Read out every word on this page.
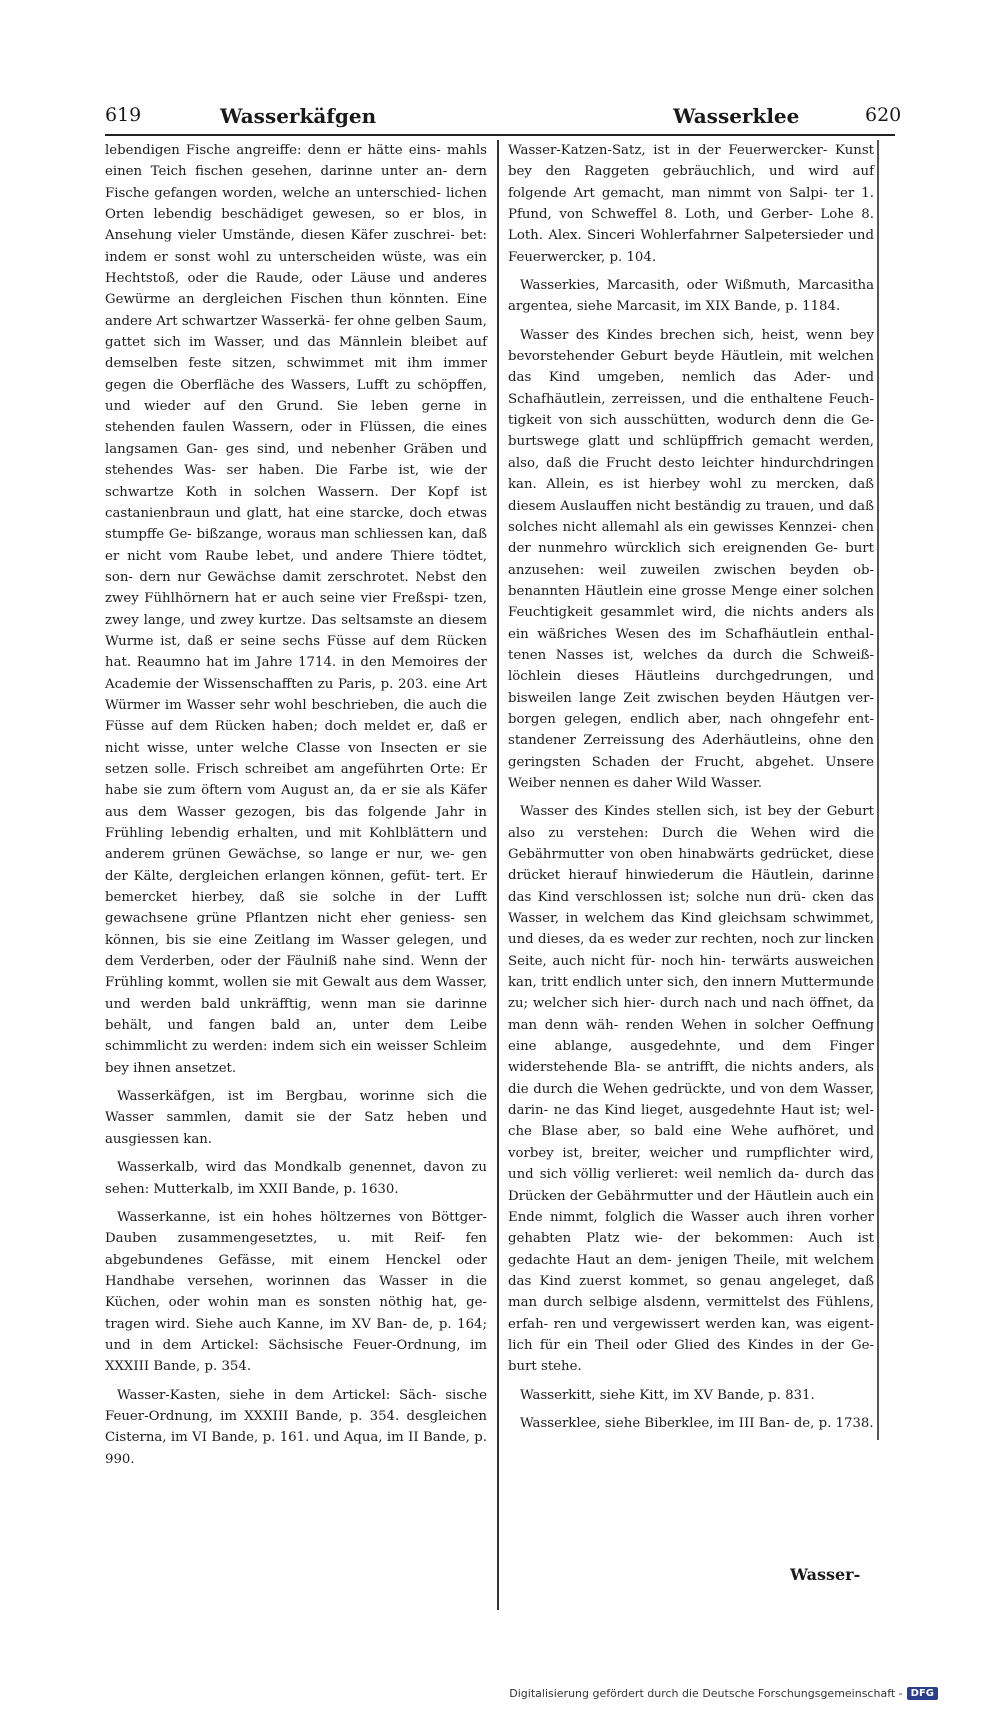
619	Wasserkäfgen	Wasserklee	620

lebendigen Fische angreiffe: denn er hätte eins- mahls einen Teich fischen gesehen, darinne unter an- dern Fische gefangen worden, welche an unterschied- lichen Orten lebendig beschädiget gewesen, so er blos, in Ansehung vieler Umstände, diesen Käfer zuschrei- bet: indem er sonst wohl zu unterscheiden wüste, was ein Hechtstoß, oder die Raude, oder Läuse und anderes Gewürme an dergleichen Fischen thun könnten. Eine andere Art schwartzer Wasserkä- fer ohne gelben Saum, gattet sich im Wasser, und das Männlein bleibet auf demselben feste sitzen, schwimmet mit ihm immer gegen die Oberfläche des Wassers, Lufft zu schöpffen, und wieder auf den Grund. Sie leben gerne in stehenden faulen Wassern, oder in Flüssen, die eines langsamen Gan- ges sind, und nebenher Gräben und stehendes Was- ser haben. Die Farbe ist, wie der schwartze Koth in solchen Wassern. Der Kopf ist castanienbraun und glatt, hat eine starcke, doch etwas stumpffe Ge- bißzange, woraus man schliessen kan, daß er nicht vom Raube lebet, und andere Thiere tödtet, son- dern nur Gewächse damit zerschrotet. Nebst den zwey Fühlhörnern hat er auch seine vier Freßspi- tzen, zwey lange, und zwey kurtze. Das seltsamste an diesem Wurme ist, daß er seine sechs Füsse auf dem Rücken hat. Reaumno hat im Jahre 1714. in den Memoires der Academie der Wissenschafften zu Paris, p. 203. eine Art Würmer im Wasser sehr wohl beschrieben, die auch die Füsse auf dem Rücken haben; doch meldet er, daß er nicht wisse, unter welche Classe von Insecten er sie setzen solle. Frisch schreibet am angeführten Orte: Er habe sie zum öftern vom August an, da er sie als Käfer aus dem Wasser gezogen, bis das folgende Jahr in Frühling lebendig erhalten, und mit Kohlblättern und anderem grünen Gewächse, so lange er nur, we- gen der Kälte, dergleichen erlangen können, gefüt- tert. Er bemercket hierbey, daß sie solche in der Lufft gewachsene grüne Pflantzen nicht eher geniess- sen können, bis sie eine Zeitlang im Wasser gelegen, und dem Verderben, oder der Fäulniß nahe sind. Wenn der Frühling kommt, wollen sie mit Gewalt aus dem Wasser, und werden bald unkräfftig, wenn man sie darinne behält, und fangen bald an, unter dem Leibe schimmlicht zu werden: indem sich ein weisser Schleim bey ihnen ansetzet.

Wasserkäfgen, ist im Bergbau, worinne sich die Wasser sammlen, damit sie der Satz heben und ausgiessen kan.

Wasserkalb, wird das Mondkalb genennet, davon zu sehen: Mutterkalb, im XXII Bande, p. 1630.

Wasserkanne, ist ein hohes höltzernes von Böttger-Dauben zusammengesetztes, u. mit Reif- fen abgebundenes Gefässe, mit einem Henckel oder Handhabe versehen, worinnen das Wasser in die Küchen, oder wohin man es sonsten nöthig hat, ge- tragen wird. Siehe auch Kanne, im XV Ban- de, p. 164; und in dem Artickel: Sächsische Feuer-Ordnung, im XXXIII Bande, p. 354.

Wasser-Kasten, siehe in dem Artickel: Säch- sische Feuer-Ordnung, im XXXIII Bande, p. 354. desgleichen Cisterna, im VI Bande, p. 161. und Aqua, im II Bande, p. 990.

Wasser-Katzen-Satz, ist in der Feuerwercker- Kunst bey den Raggeten gebräuchlich, und wird auf folgende Art gemacht, man nimmt von Salpi- ter 1. Pfund, von Schweffel 8. Loth, und Gerber- Lohe 8. Loth. Alex. Sinceri Wohlerfahrner Salpetersieder und Feuerwercker, p. 104.

Wasserkies, Marcasith, oder Wißmuth, Marcasitha argentea, siehe Marcasit, im XIX Bande, p. 1184.

Wasser des Kindes brechen sich, heist, wenn bey bevorstehender Geburt beyde Häutlein, mit welchen das Kind umgeben, nemlich das Ader- und Schafhäutlein, zerreissen, und die enthaltene Feuch- tigkeit von sich ausschütten, wodurch denn die Ge- burtswege glatt und schlüpffrich gemacht werden, also, daß die Frucht desto leichter hindurchdringen kan. Allein, es ist hierbey wohl zu mercken, daß diesem Auslauffen nicht beständig zu trauen, und daß solches nicht allemahl als ein gewisses Kennzei- chen der nunmehro würcklich sich ereignenden Ge- burt anzusehen: weil zuweilen zwischen beyden ob- benannten Häutlein eine grosse Menge einer solchen Feuchtigkeit gesammlet wird, die nichts anders als ein wäßriches Wesen des im Schafhäutlein enthal- tenen Nasses ist, welches da durch die Schweiß- löchlein dieses Häutleins durchgedrungen, und bisweilen lange Zeit zwischen beyden Häutgen ver- borgen gelegen, endlich aber, nach ohngefehr ent- standener Zerreissung des Aderhäutleins, ohne den geringsten Schaden der Frucht, abgehet. Unsere Weiber nennen es daher Wild Wasser.

Wasser des Kindes stellen sich, ist bey der Geburt also zu verstehen: Durch die Wehen wird die Gebährmutter von oben hinabwärts gedrücket, diese drücket hierauf hinwiederum die Häutlein, darinne das Kind verschlossen ist; solche nun drü- cken das Wasser, in welchem das Kind gleichsam schwimmet, und dieses, da es weder zur rechten, noch zur lincken Seite, auch nicht für- noch hin- terwärts ausweichen kan, tritt endlich unter sich, den innern Muttermunde zu; welcher sich hier- durch nach und nach öffnet, da man denn wäh- renden Wehen in solcher Oeffnung eine ablange, ausgedehnte, und dem Finger widerstehende Bla- se antrifft, die nichts anders, als die durch die Wehen gedrückte, und von dem Wasser, darin- ne das Kind lieget, ausgedehnte Haut ist; wel- che Blase aber, so bald eine Wehe aufhöret, und vorbey ist, breiter, weicher und rumpflichter wird, und sich völlig verlieret: weil nemlich da- durch das Drücken der Gebährmutter und der Häutlein auch ein Ende nimmt, folglich die Wasser auch ihren vorher gehabten Platz wie- der bekommen: Auch ist gedachte Haut an dem- jenigen Theile, mit welchem das Kind zuerst kommet, so genau angeleget, daß man durch selbige alsdenn, vermittelst des Fühlens, erfah- ren und vergewissert werden kan, was eigent- lich für ein Theil oder Glied des Kindes in der Ge- burt stehe.

Wasserkitt, siehe Kitt, im XV Bande, p. 831.

Wasserklee, siehe Biberklee, im III Ban- de, p. 1738.

Wasser-
Digitalisierung gefördert durch die Deutsche Forschungsgemeinschaft - DFG
